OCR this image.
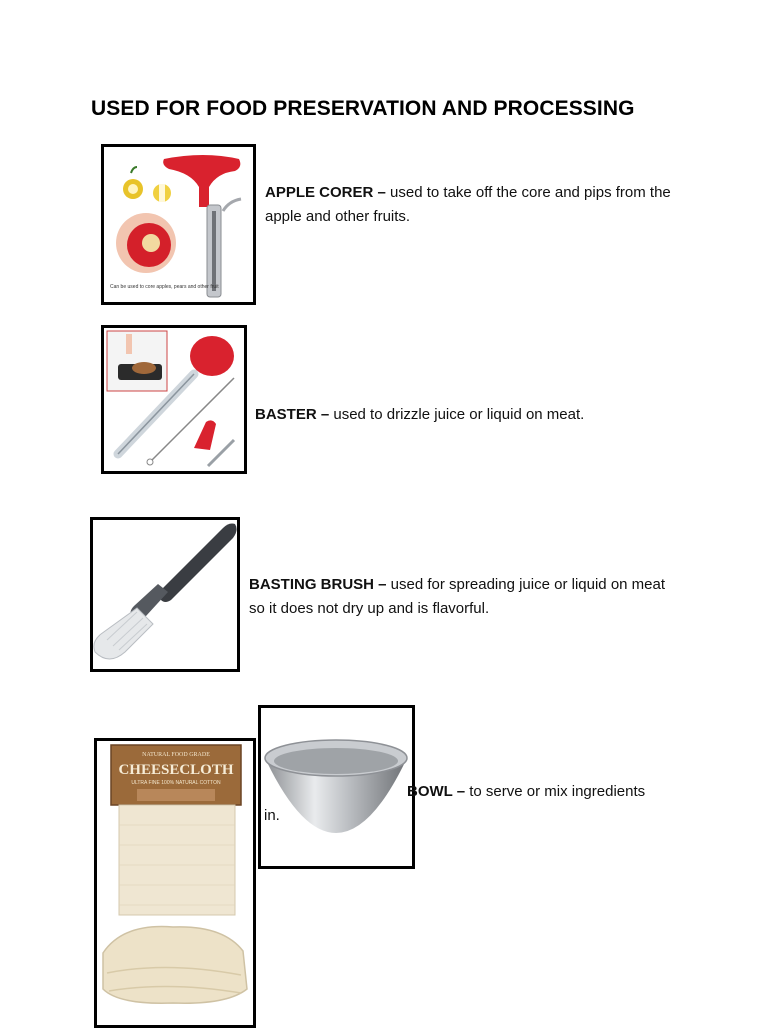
USED FOR FOOD PRESERVATION AND PROCESSING
Can be used to core apples, pears and other fruit

APPLE CORER – used to take off the core and pips from the apple and other fruits.

BASTER – used to drizzle juice or liquid on meat.

BASTING BRUSH – used for spreading juice or liquid on meat so it does not dry up and is flavorful.

BOWL – to serve or mix ingredients

in.

NATURAL FOOD GRADE
CHEESECLOTH
ULTRA FINE 100% NATURAL COTTON
